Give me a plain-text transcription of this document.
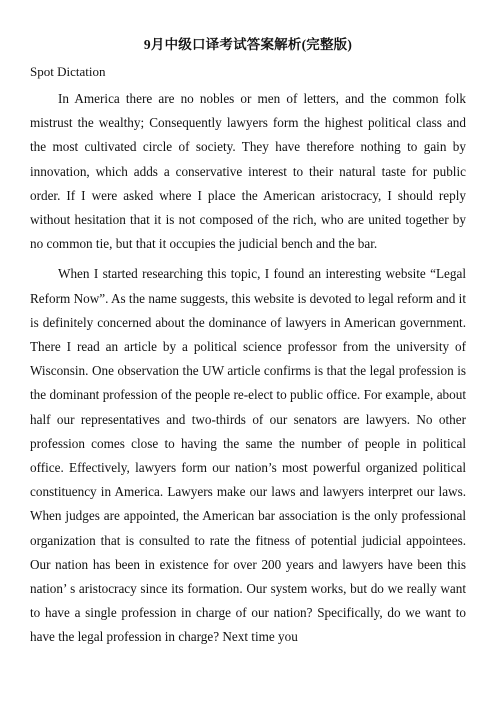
9月中级口译考试答案解析(完整版)
Spot Dictation

In America there are no nobles or men of letters, and the common folk mistrust the wealthy; Consequently lawyers form the highest political class and the most cultivated circle of society. They have therefore nothing to gain by innovation, which adds a conservative interest to their natural taste for public order. If I were asked where I place the American aristocracy, I should reply without hesitation that it is not composed of the rich, who are united together by no common tie, but that it occupies the judicial bench and the bar.

When I started researching this topic, I found an interesting website “Legal Reform Now”. As the name suggests, this website is devoted to legal reform and it is definitely concerned about the dominance of lawyers in American government. There I read an article by a political science professor from the university of Wisconsin. One observation the UW article confirms is that the legal profession is the dominant profession of the people re-elect to public office. For example, about half our representatives and two-thirds of our senators are lawyers. No other profession comes close to having the same the number of people in political office. Effectively, lawyers form our nation’s most powerful organized political constituency in America. Lawyers make our laws and lawyers interpret our laws. When judges are appointed, the American bar association is the only professional organization that is consulted to rate the fitness of potential judicial appointees. Our nation has been in existence for over 200 years and lawyers have been this nation’ s aristocracy since its formation. Our system works, but do we really want to have a single profession in charge of our nation? Specifically, do we want to have the legal profession in charge? Next time you
